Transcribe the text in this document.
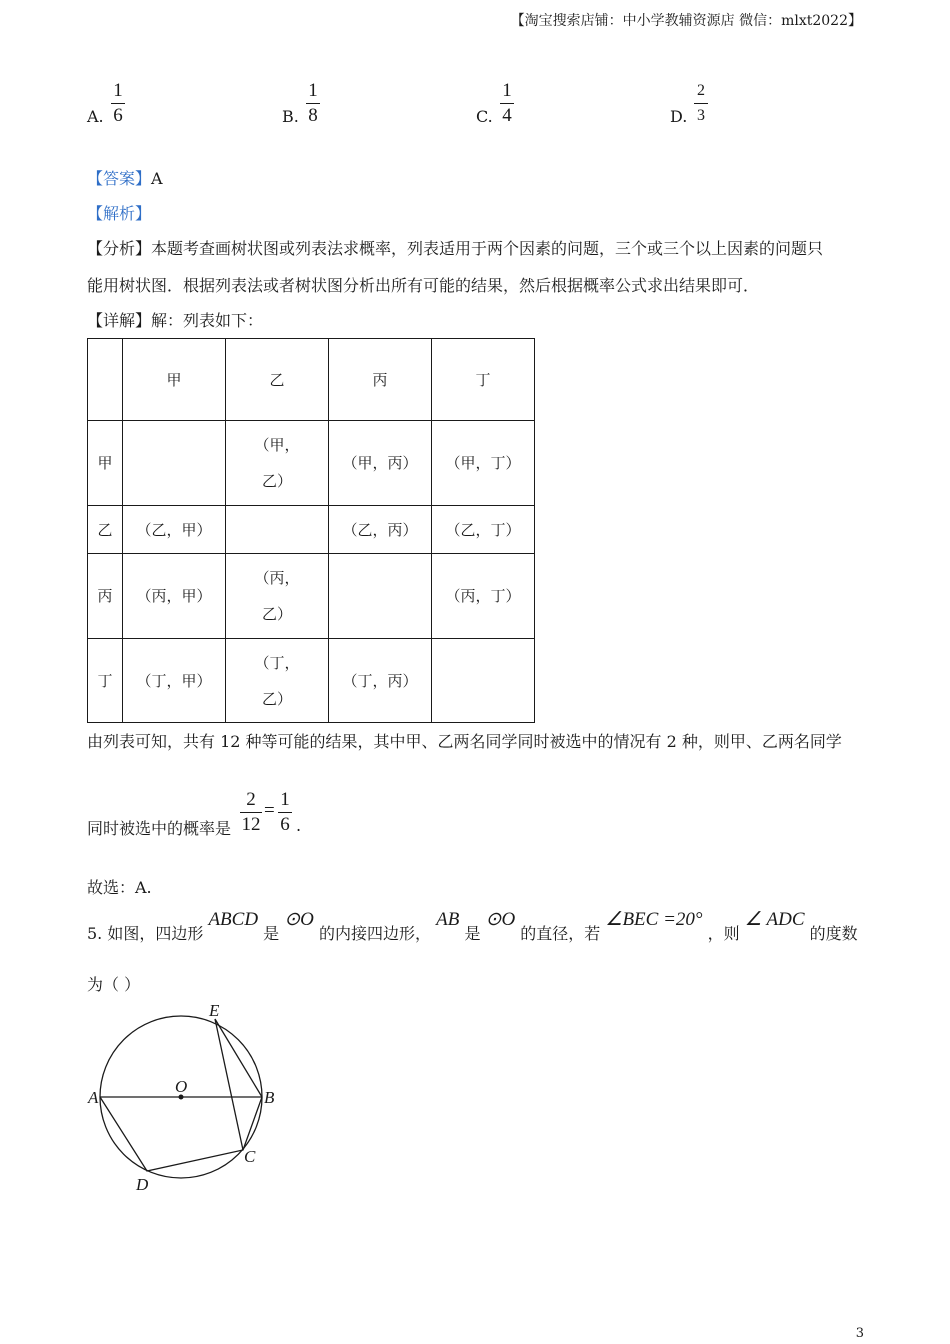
【淘宝搜索店铺：中小学教辅资源店 微信：mlxt2022】
A.
1
6	B.
1
8	C.
1
4	D.
2
3
【答案】A
【解析】
【分析】本题考查画树状图或列表法求概率，列表适用于两个因素的问题，三个或三个以上因素的问题只
能用树状图．根据列表法或者树状图分析出所有可能的结果，然后根据概率公式求出结果即可．
【详解】解：列表如下：
	甲	乙	丙	丁
甲		（甲，
乙）	（甲，丙）	（甲，丁）
乙	（乙，甲）		（乙，丙）	（乙，丁）
丙	（丙，甲）	（丙，
乙）		（丙，丁）
丁	（丁，甲）	（丁，
乙）	（丁，丙）	
由列表可知，共有 12 种等可能的结果，其中甲、乙两名同学同时被选中的情况有 2 种，则甲、乙两名同学
同时被选中的概率是
2
12
=
1
6 .
故选：A.
5. 如图，四边形 ABCD 是 ⊙O 的内接四边形， AB 是 ⊙O 的直径，若 ∠BEC =20° ，则 ∠ ADC 的度数
为（ ）
A	B
C
D
E
O
3
